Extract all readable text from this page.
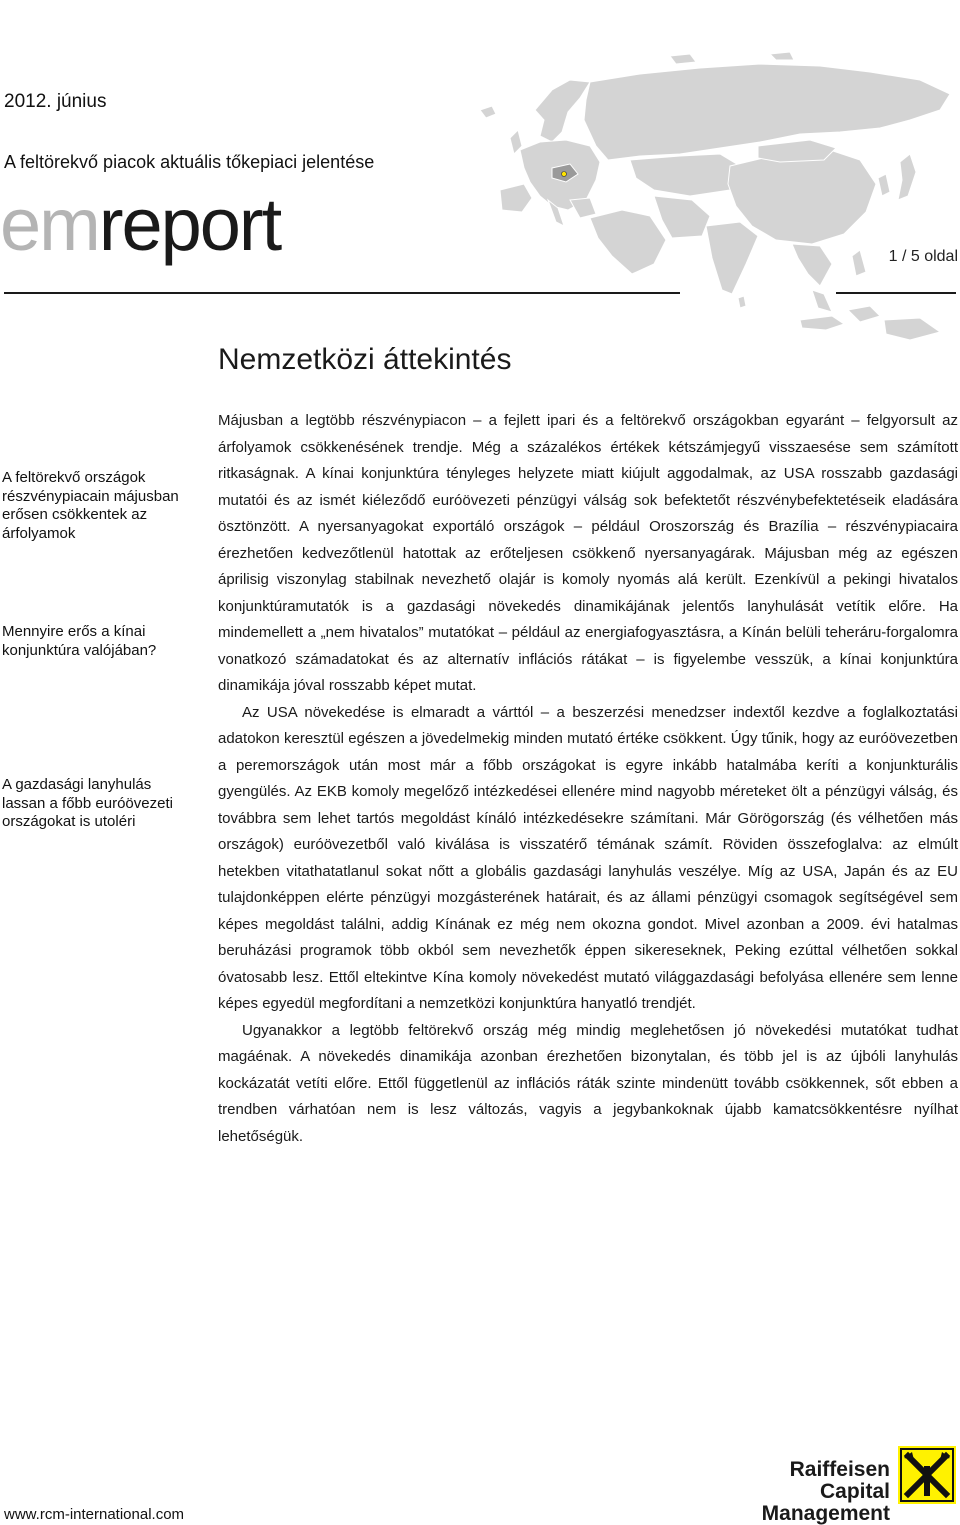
2012. június
A feltörekvő piacok aktuális tőkepiaci jelentése
emreport	1 / 5 oldal
Nemzetközi áttekintés
A feltörekvő országok részvénypiacain májusban erősen csökkentek az árfolyamok
Mennyire erős a kínai konjunktúra valójában?
A gazdasági lanyhulás lassan a főbb euróövezeti országokat is utoléri

Májusban a legtöbb részvénypiacon – a fejlett ipari és a feltörekvő országokban egyaránt – felgyorsult az árfolyamok csökkenésének trendje. Még a százalékos értékek kétszámjegyű visszaesése sem számított ritkaságnak. A kínai konjunktúra tényleges helyzete miatt kiújult aggodalmak, az USA rosszabb gazdasági mutatói és az ismét kiéleződő euróövezeti pénzügyi válság sok befektetőt részvénybefektetéseik eladására ösztönzött. A nyersanyagokat exportáló országok – például Oroszország és Brazília – részvénypiacaira érezhetően kedvezőtlenül hatottak az erőteljesen csökkenő nyersanyagárak. Májusban még az egészen áprilisig viszonylag stabilnak nevezhető olajár is komoly nyomás alá került. Ezenkívül a pekingi hivatalos konjunktúramutatók is a gazdasági növekedés dinamikájának jelentős lanyhulását vetítik előre. Ha mindemellett a „nem hivatalos” mutatókat – például az energiafogyasztásra, a Kínán belüli teheráru-forgalomra vonatkozó számadatokat és az alternatív inflációs rátákat – is figyelembe vesszük, a kínai konjunktúra dinamikája jóval rosszabb képet mutat.

Az USA növekedése is elmaradt a várttól – a beszerzési menedzser indextől kezdve a foglalkoztatási adatokon keresztül egészen a jövedelmekig minden mutató értéke csökkent. Úgy tűnik, hogy az euróövezetben a peremországok után most már a főbb országokat is egyre inkább hatalmába keríti a konjunkturális gyengülés. Az EKB komoly megelőző intézkedései ellenére mind nagyobb méreteket ölt a pénzügyi válság, és továbbra sem lehet tartós megoldást kínáló intézkedésekre számítani. Már Görögország (és vélhetően más országok) euróövezetből való kiválása is visszatérő témának számít. Röviden összefoglalva: az elmúlt hetekben vitathatatlanul sokat nőtt a globális gazdasági lanyhulás veszélye. Míg az USA, Japán és az EU tulajdonképpen elérte pénzügyi mozgásterének határait, és az állami pénzügyi csomagok segítségével sem képes megoldást találni, addig Kínának ez még nem okozna gondot. Mivel azonban a 2009. évi hatalmas beruházási programok több okból sem nevezhetők éppen sikereseknek, Peking ezúttal vélhetően sokkal óvatosabb lesz. Ettől eltekintve Kína komoly növekedést mutató világgazdasági befolyása ellenére sem lenne képes egyedül megfordítani a nemzetközi konjunktúra hanyatló trendjét.

Ugyanakkor a legtöbb feltörekvő ország még mindig meglehetősen jó növekedési mutatókat tudhat magáénak. A növekedés dinamikája azonban érezhetően bizonytalan, és több jel is az újbóli lanyhulás kockázatát vetíti előre. Ettől függetlenül az inflációs ráták szinte mindenütt tovább csökkennek, sőt ebben a trendben várhatóan nem is lesz változás, vagyis a jegybankoknak újabb kamatcsökkentésre nyílhat lehetőségük.

www.rcm-international.com
Raiffeisen
Capital Management
